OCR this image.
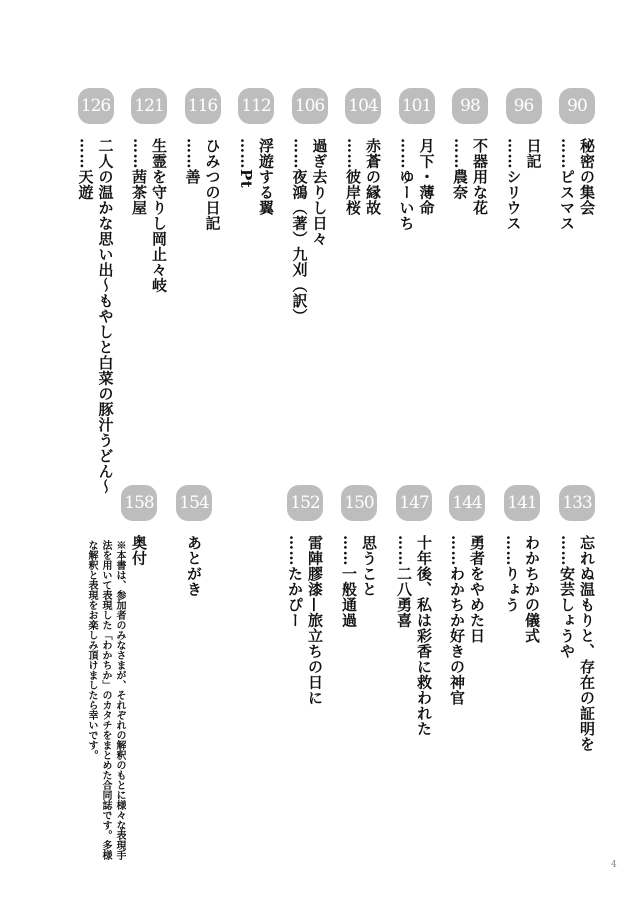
90
秘密の集会
……ピスマス
96
日記
……シリウス
98
不器用な花
……農奈
101
月下・薄命
……ゆーいち
104
赤蒼の縁故
……彼岸桜
106
過ぎ去りし日々
……夜鴻（著）九刈（訳）
112
浮遊する翼
……Pt
116
ひみつの日記
……善
121
生霊を守りし岡止々岐
……茜茶屋
126
二人の温かな思い出〜もやしと白菜の豚汁うどん〜
……天遊
133
忘れぬ温もりと、存在の証明を
……安芸しょうや
141
わかちかの儀式
……りょう
144
勇者をやめた日
……わかちか好きの神官
147
十年後、私は彩香に救われた
……二八勇喜
150
思うこと
……一般通過
152
雷陣膠漆—旅立ちの日に
……たかぴー
154
あとがき
158
奥付
※本書は、参加者のみなさまが、それぞれの解釈のもとに様々な表現手法を用いて表現した「わかちか」のカタチをまとめた合同誌です。多様な解釈と表現をお楽しみ頂けましたら幸いです。
4
